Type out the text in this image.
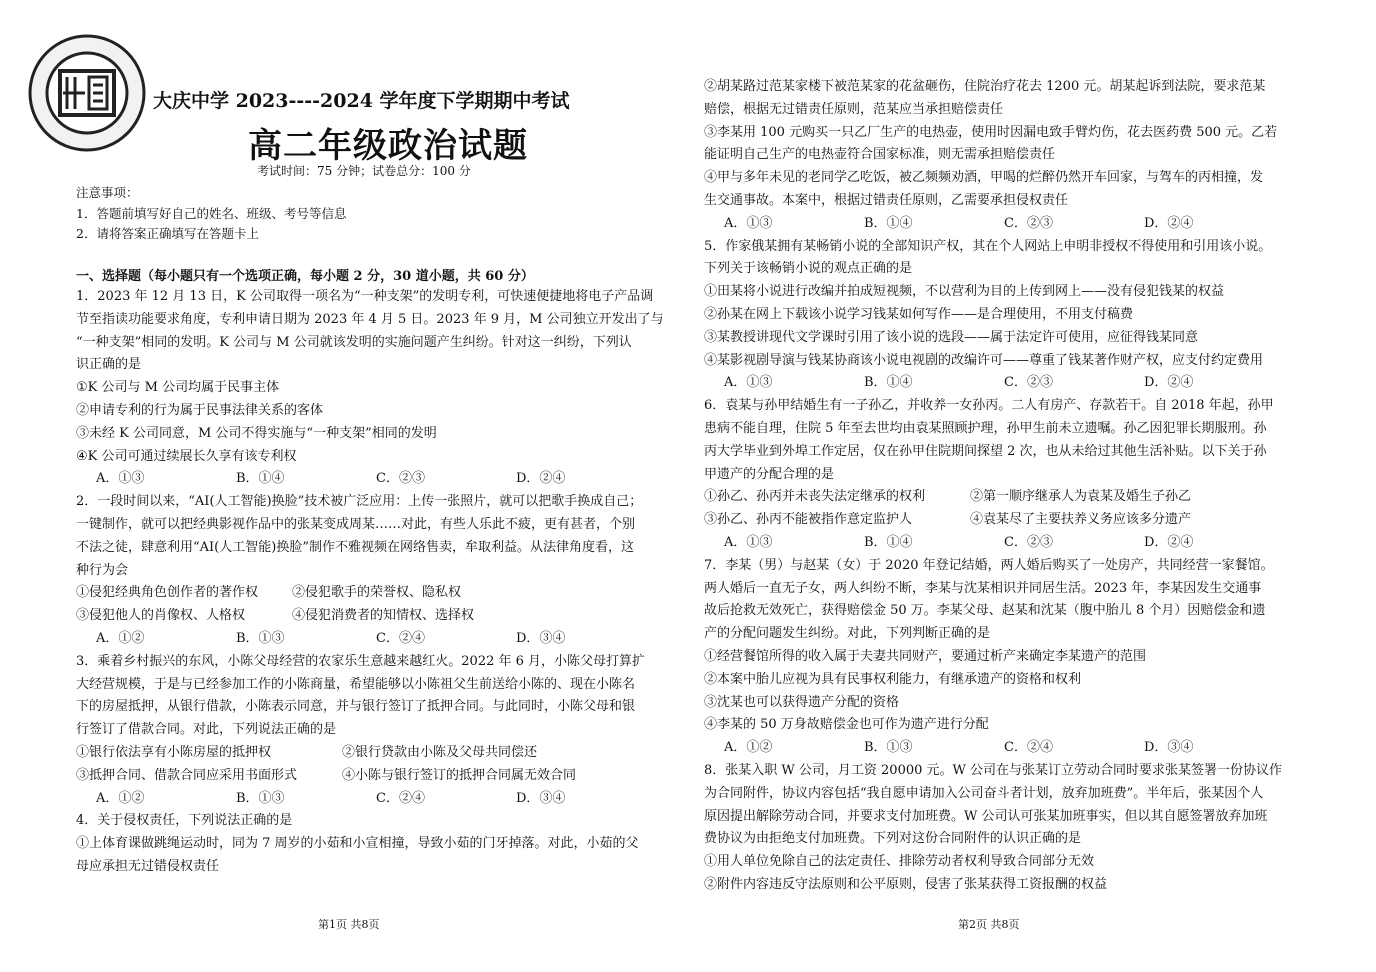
大庆中学 2023----2024 学年度下学期期中考试
高二年级政治试题
考试时间：75 分钟；试卷总分：100 分
注意事项：
1．答题前填写好自己的姓名、班级、考号等信息
2．请将答案正确填写在答题卡上
一、选择题（每小题只有一个选项正确，每小题 2 分，30 道小题，共 60 分）
1．2023 年 12 月 13 日，K 公司取得一项名为“一种支架”的发明专利，可快速便捷地将电子产品调
节至指读功能要求角度，专利申请日期为 2023 年 4 月 5 日。2023 年 9 月，M 公司独立开发出了与
“一种支架”相同的发明。K 公司与 M 公司就该发明的实施问题产生纠纷。针对这一纠纷，下列认
识正确的是
①K 公司与 M 公司均属于民事主体
②申请专利的行为属于民事法律关系的客体
③未经 K 公司同意，M 公司不得实施与“一种支架”相同的发明
④K 公司可通过续展长久享有该专利权
A．①③	B．①④	C．②③	D．②④
2．一段时间以来，“AI(人工智能)换脸”技术被广泛应用：上传一张照片，就可以把歌手换成自己；
一键制作，就可以把经典影视作品中的张某变成周某……对此，有些人乐此不疲，更有甚者，个别
不法之徒，肆意利用“AI(人工智能)换脸”制作不雅视频在网络售卖，牟取利益。从法律角度看，这
种行为会
①侵犯经典角色创作者的著作权	②侵犯歌手的荣誉权、隐私权
③侵犯他人的肖像权、人格权	④侵犯消费者的知情权、选择权
A．①②	B．①③	C．②④	D．③④
3．乘着乡村振兴的东风，小陈父母经营的农家乐生意越来越红火。2022 年 6 月，小陈父母打算扩
大经营规模，于是与已经参加工作的小陈商量，希望能够以小陈祖父生前送给小陈的、现在小陈名
下的房屋抵押，从银行借款，小陈表示同意，并与银行签订了抵押合同。与此同时，小陈父母和银
行签订了借款合同。对此，下列说法正确的是
①银行依法享有小陈房屋的抵押权	②银行贷款由小陈及父母共同偿还
③抵押合同、借款合同应采用书面形式	④小陈与银行签订的抵押合同属无效合同
A．①②	B．①③	C．②④	D．③④
4．关于侵权责任，下列说法正确的是
①上体育课做跳绳运动时，同为 7 周岁的小茹和小宣相撞，导致小茹的门牙掉落。对此，小茹的父
母应承担无过错侵权责任
②胡某路过范某家楼下被范某家的花盆砸伤，住院治疗花去 1200 元。胡某起诉到法院，要求范某
赔偿，根据无过错责任原则，范某应当承担赔偿责任
③李某用 100 元购买一只乙厂生产的电热壶，使用时因漏电致手臂灼伤，花去医药费 500 元。乙若
能证明自己生产的电热壶符合国家标准，则无需承担赔偿责任
④甲与多年未见的老同学乙吃饭，被乙频频劝酒，甲喝的烂醉仍然开车回家，与驾车的丙相撞，发
生交通事故。本案中，根据过错责任原则，乙需要承担侵权责任
A．①③	B．①④	C．②③	D．②④
5．作家俄某拥有某畅销小说的全部知识产权，其在个人网站上申明非授权不得使用和引用该小说。
下列关于该畅销小说的观点正确的是
①田某将小说进行改编并拍成短视频，不以营利为目的上传到网上——没有侵犯钱某的权益
②孙某在网上下载该小说学习钱某如何写作——是合理使用，不用支付稿费
③某教授讲现代文学课时引用了该小说的选段——属于法定许可使用，应征得钱某同意
④某影视剧导演与钱某协商该小说电视剧的改编许可——尊重了钱某著作财产权，应支付约定费用
A．①③	B．①④	C．②③	D．②④
6．袁某与孙甲结婚生有一子孙乙，并收养一女孙丙。二人有房产、存款若干。自 2018 年起，孙甲
患病不能自理，住院 5 年至去世均由袁某照顾护理，孙甲生前未立遗嘱。孙乙因犯罪长期服刑。孙
丙大学毕业到外埠工作定居，仅在孙甲住院期间探望 2 次，也从未给过其他生活补贴。以下关于孙
甲遗产的分配合理的是
①孙乙、孙丙并未丧失法定继承的权利	②第一顺序继承人为袁某及婚生子孙乙
③孙乙、孙丙不能被指作意定监护人	④袁某尽了主要扶养义务应该多分遗产
A．①③	B．①④	C．②③	D．②④
7．李某（男）与赵某（女）于 2020 年登记结婚，两人婚后购买了一处房产，共同经营一家餐馆。
两人婚后一直无子女，两人纠纷不断，李某与沈某相识并同居生活。2023 年，李某因发生交通事
故后抢救无效死亡，获得赔偿金 50 万。李某父母、赵某和沈某（腹中胎儿 8 个月）因赔偿金和遗
产的分配问题发生纠纷。对此，下列判断正确的是
①经营餐馆所得的收入属于夫妻共同财产，要通过析产来确定李某遗产的范围
②本案中胎儿应视为具有民事权利能力，有继承遗产的资格和权利
③沈某也可以获得遗产分配的资格
④李某的 50 万身故赔偿金也可作为遗产进行分配
A．①②	B．①③	C．②④	D．③④
8．张某入职 W 公司，月工资 20000 元。W 公司在与张某订立劳动合同时要求张某签署一份协议作
为合同附件，协议内容包括“我自愿申请加入公司奋斗者计划，放弃加班费”。半年后，张某因个人
原因提出解除劳动合同，并要求支付加班费。W 公司认可张某加班事实，但以其自愿签署放弃加班
费协议为由拒绝支付加班费。下列对这份合同附件的认识正确的是
①用人单位免除自己的法定责任、排除劳动者权利导致合同部分无效
②附件内容违反守法原则和公平原则，侵害了张某获得工资报酬的权益
第1页 共8页	第2页 共8页
